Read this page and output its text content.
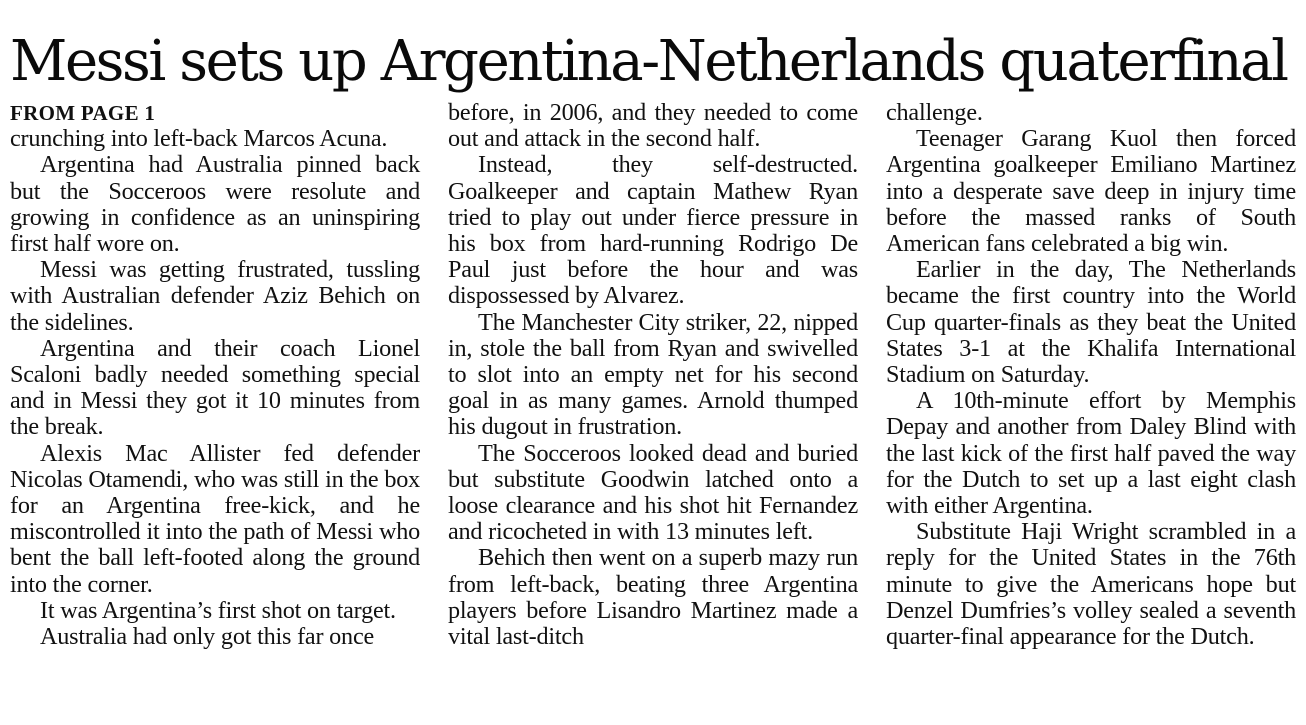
Messi sets up Argentina-Netherlands quaterfinal
FROM PAGE 1

crunching into left-back Marcos Acuna.

Argentina had Australia pinned back but the Socceroos were resolute and growing in confidence as an uninspiring first half wore on.

Messi was getting frustrated, tussling with Australian defender Aziz Behich on the sidelines.

Argentina and their coach Lionel Scaloni badly needed something special and in Messi they got it 10 minutes from the break.

Alexis Mac Allister fed defender Nicolas Otamendi, who was still in the box for an Argentina free-kick, and he miscontrolled it into the path of Messi who bent the ball left-footed along the ground into the corner.

It was Argentina’s first shot on target.

Australia had only got this far once

before, in 2006, and they needed to come out and attack in the second half.

Instead, they self-destructed. Goalkeeper and captain Mathew Ryan tried to play out under fierce pressure in his box from hard-running Rodrigo De Paul just before the hour and was dispossessed by Alvarez.

The Manchester City striker, 22, nipped in, stole the ball from Ryan and swivelled to slot into an empty net for his second goal in as many games. Arnold thumped his dugout in frustration.

The Socceroos looked dead and buried but substitute Goodwin latched onto a loose clearance and his shot hit Fernandez and ricocheted in with 13 minutes left.

Behich then went on a superb mazy run from left-back, beating three Argentina players before Lisandro Martinez made a vital last-ditch

challenge.

Teenager Garang Kuol then forced Argentina goalkeeper Emiliano Martinez into a desperate save deep in injury time before the massed ranks of South American fans celebrated a big win.

Earlier in the day, The Netherlands became the first country into the World Cup quarter-finals as they beat the United States 3-1 at the Khalifa International Stadium on Saturday.

A 10th-minute effort by Memphis Depay and another from Daley Blind with the last kick of the first half paved the way for the Dutch to set up a last eight clash with either Argentina.

Substitute Haji Wright scrambled in a reply for the United States in the 76th minute to give the Americans hope but Denzel Dumfries’s volley sealed a seventh quarter-final appearance for the Dutch.
